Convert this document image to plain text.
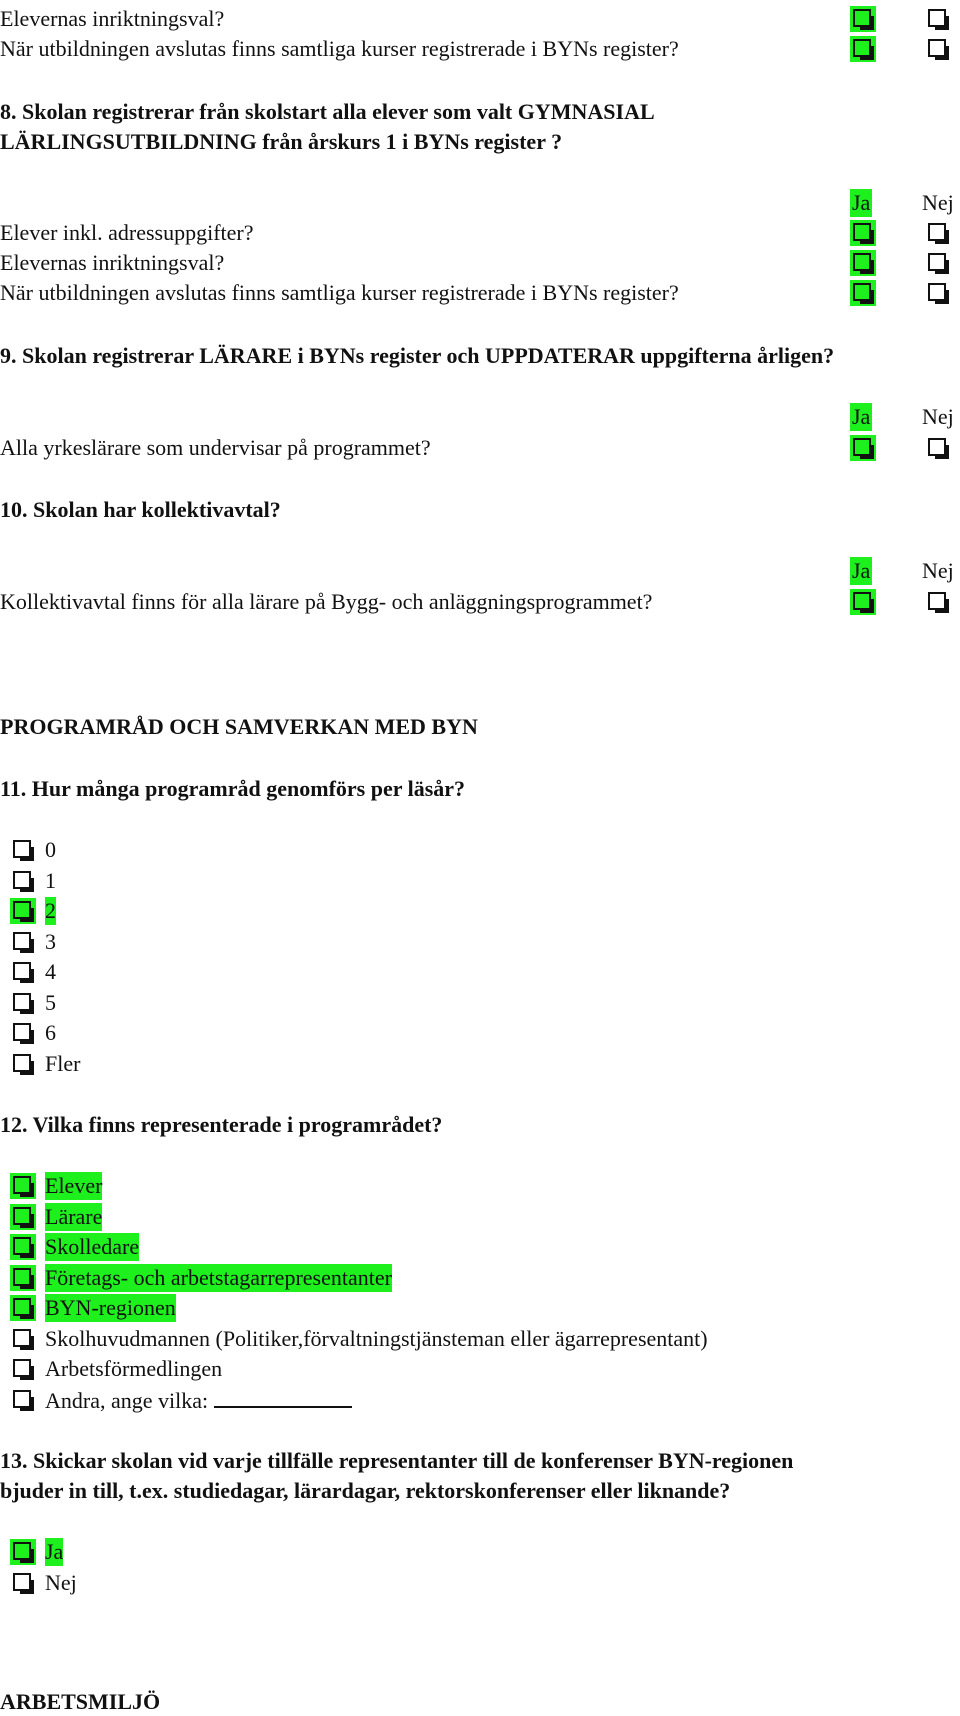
Elevernas inriktningsval?
När utbildningen avslutas finns samtliga kurser registrerade i BYNs register?
8. Skolan registrerar från skolstart alla elever som valt GYMNASIAL
LÄRLINGSUTBILDNING från årskurs 1 i BYNs register ?
Ja Nej
Elever inkl. adressuppgifter?
Elevernas inriktningsval?
När utbildningen avslutas finns samtliga kurser registrerade i BYNs register?
9. Skolan registrerar LÄRARE i BYNs register och UPPDATERAR uppgifterna årligen?
Ja Nej
Alla yrkeslärare som undervisar på programmet?
10. Skolan har kollektivavtal?
Ja Nej
Kollektivavtal finns för alla lärare på Bygg- och anläggningsprogrammet?
PROGRAMRÅD OCH SAMVERKAN MED BYN
11. Hur många programråd genomförs per läsår?
0
1
2
3
4
5
6
Fler
12. Vilka finns representerade i programrådet?
Elever
Lärare
Skolledare
Företags- och arbetstagarrepresentanter
BYN-regionen
Skolhuvudmannen (Politiker,förvaltningstjänsteman eller ägarrepresentant)
Arbetsförmedlingen
Andra, ange vilka:
13. Skickar skolan vid varje tillfälle representanter till de konferenser BYN-regionen
bjuder in till, t.ex. studiedagar, lärardagar, rektorskonferenser eller liknande?
Ja
Nej
ARBETSMILJÖ
